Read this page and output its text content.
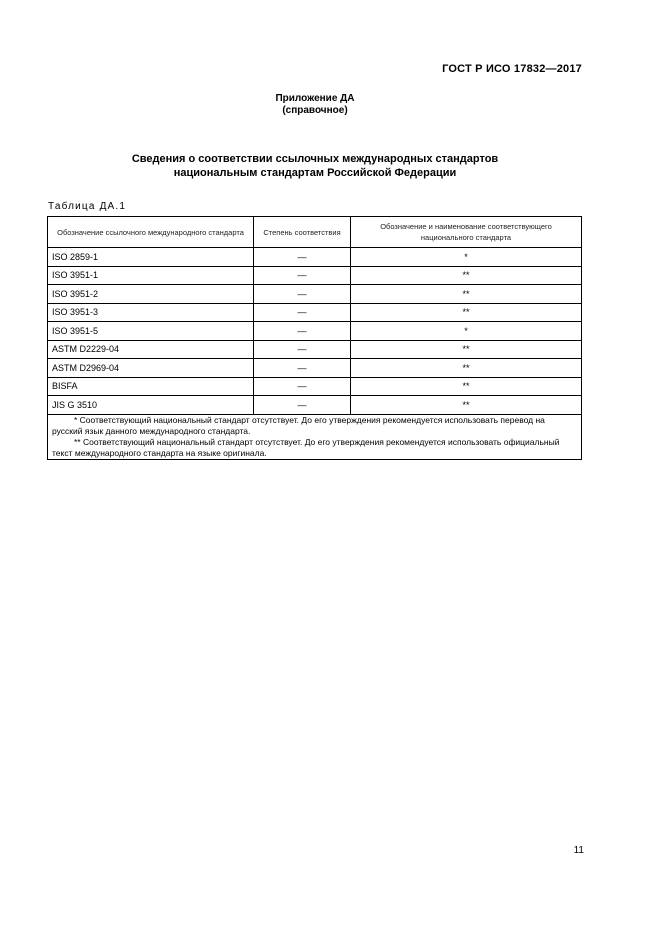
ГОСТ Р ИСО 17832—2017
Приложение ДА
(справочное)
Сведения о соответствии ссылочных международных стандартов
национальным стандартам Российской Федерации
Таблица ДА.1
Обозначение ссылочного международного стандарта	Степень соответствия	Обозначение и наименование соответствующего национального стандарта
ISO 2859-1	—	*
ISO 3951-1	—	**
ISO 3951-2	—	**
ISO 3951-3	—	**
ISO 3951-5	—	*
ASTM D2229-04	—	**
ASTM D2969-04	—	**
BISFA	—	**
JIS G 3510	—	**

* Соответствующий национальный стандарт отсутствует. До его утверждения рекомендуется использовать перевод на русский язык данного международного стандарта.

** Соответствующий национальный стандарт отсутствует. До его утверждения рекомендуется использовать официальный текст международного стандарта на языке оригинала.		

11
